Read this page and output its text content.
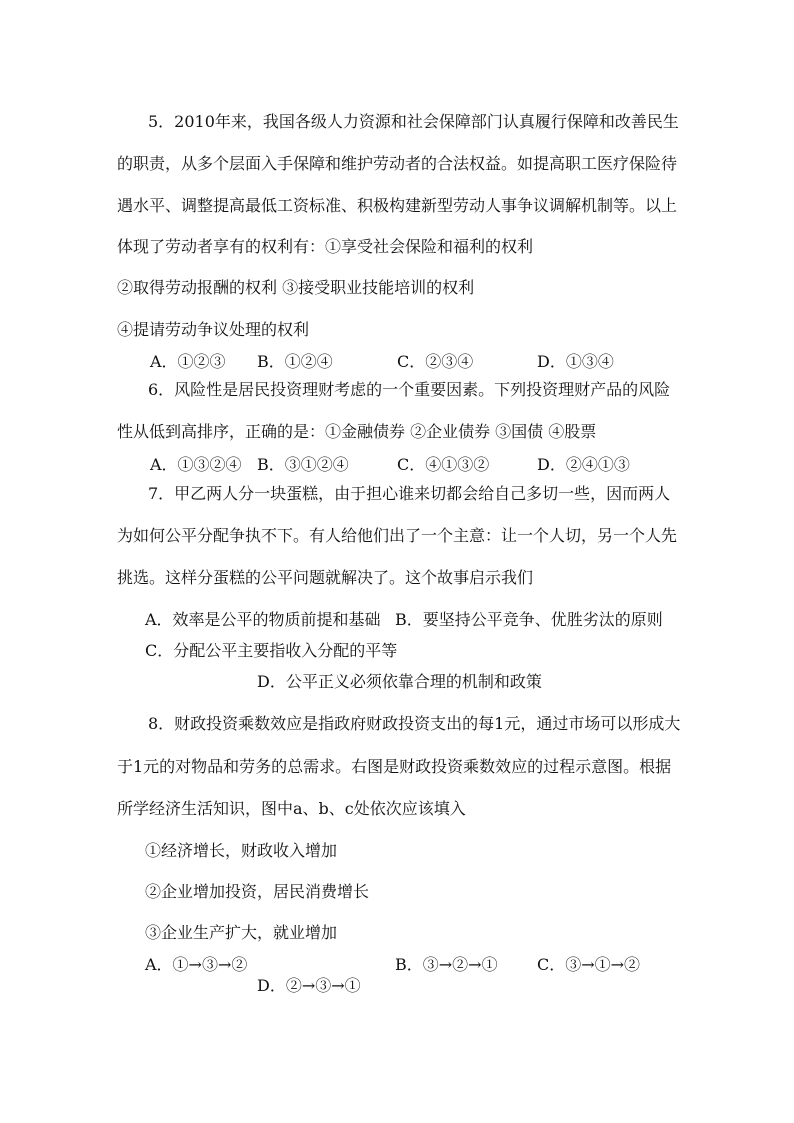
5．2010年来，我国各级人力资源和社会保障部门认真履行保障和改善民生
的职责，从多个层面入手保障和维护劳动者的合法权益。如提高职工医疗保险待
遇水平、调整提高最低工资标准、积极构建新型劳动人事争议调解机制等。以上
体现了劳动者享有的权利有：①享受社会保险和福利的权利
②取得劳动报酬的权利 ③接受职业技能培训的权利
④提请劳动争议处理的权利
A．①②③ B．①②④	C．②③④	D．①③④
6．风险性是居民投资理财考虑的一个重要因素。下列投资理财产品的风险
性从低到高排序，正确的是：①金融债券 ②企业债券 ③国债 ④股票
A．①③②④ B．③①②④	C．④①③②	D．②④①③
7．甲乙两人分一块蛋糕，由于担心谁来切都会给自己多切一些，因而两人
为如何公平分配争执不下。有人给他们出了一个主意：让一个人切，另一个人先
挑选。这样分蛋糕的公平问题就解决了。这个故事启示我们
A．效率是公平的物质前提和基础 B．要坚持公平竞争、优胜劣汰的原则
C．分配公平主要指收入分配的平等
D．公平正义必须依靠合理的机制和政策
8．财政投资乘数效应是指政府财政投资支出的每1元，通过市场可以形成大
于1元的对物品和劳务的总需求。右图是财政投资乘数效应的过程示意图。根据
所学经济生活知识，图中a、b、c处依次应该填入
①经济增长，财政收入增加
②企业增加投资，居民消费增长
③企业生产扩大，就业增加
A．①→③→②	B．③→②→① C．③→①→②
D．②→③→①
